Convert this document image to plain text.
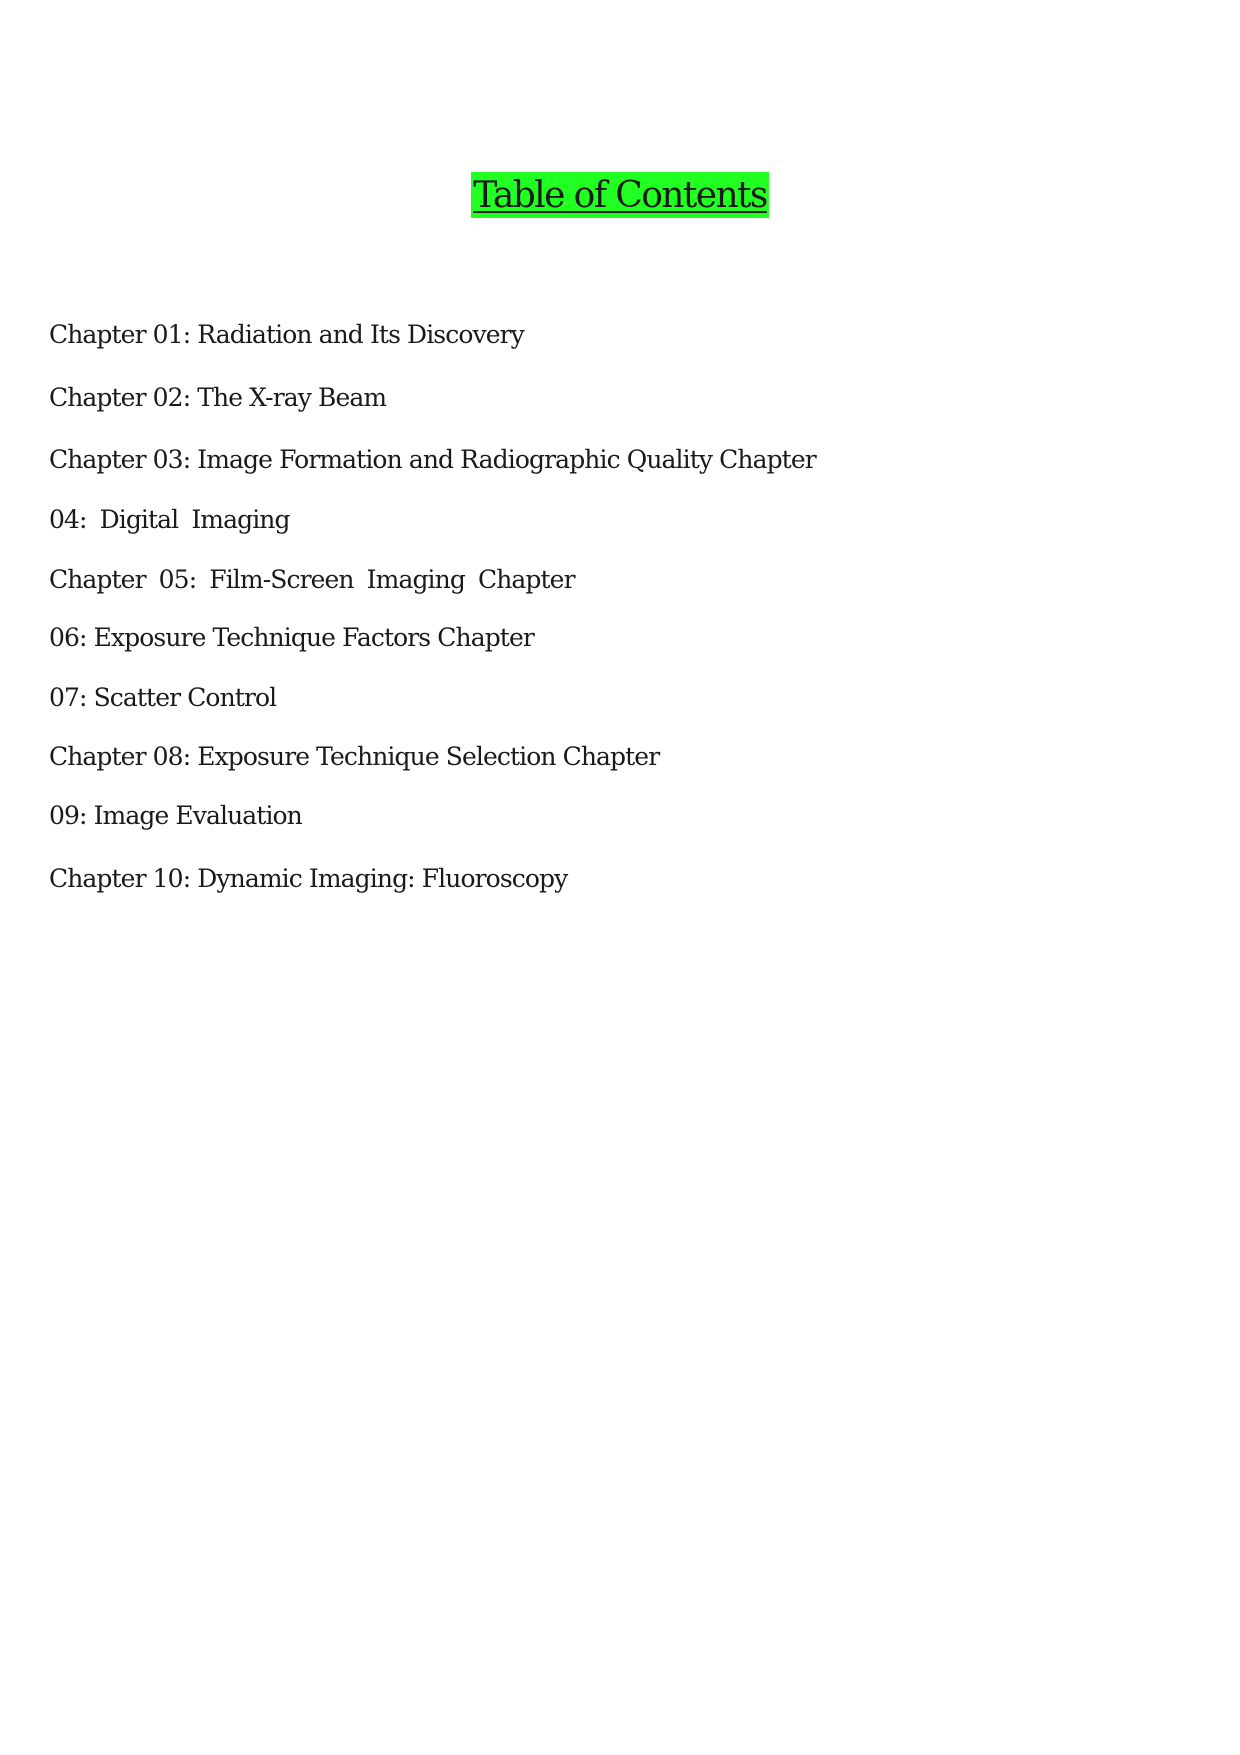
Table of Contents
Chapter 01: Radiation and Its Discovery
Chapter 02: The X-ray Beam
Chapter 03: Image Formation and Radiographic Quality Chapter
04: Digital Imaging
Chapter 05: Film-Screen Imaging Chapter
06: Exposure Technique Factors Chapter
07: Scatter Control
Chapter 08: Exposure Technique Selection Chapter
09: Image Evaluation
Chapter 10: Dynamic Imaging: Fluoroscopy
